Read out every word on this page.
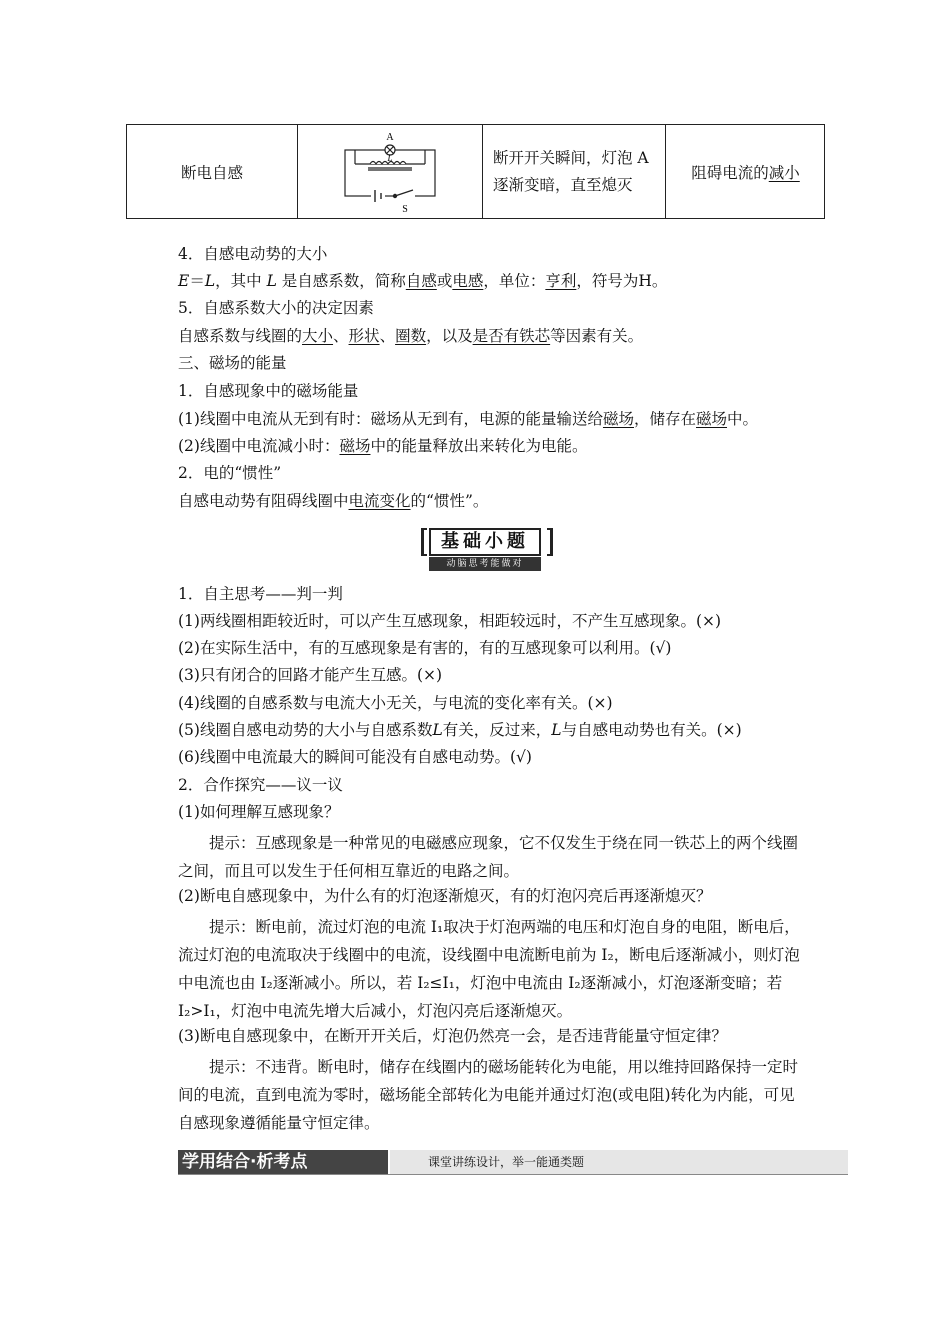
断电自感
A
L
S
断开开关瞬间，灯泡 A
逐渐变暗，直至熄灭
阻碍电流的 减小
4．自感电动势的大小
E＝L，其中 L 是自感系数，简称自感或电感，单位：亨利，符号为H。
5．自感系数大小的决定因素
自感系数与线圈的大小、形状、圈数，以及是否有铁芯等因素有关。
三、磁场的能量
1．自感现象中的磁场能量
(1)线圈中电流从无到有时：磁场从无到有，电源的能量输送给磁场，储存在磁场中。
(2)线圈中电流减小时：磁场中的能量释放出来转化为电能。
2．电的“惯性”
自感电动势有阻碍线圈中电流变化的“惯性”。
基础小题
动脑思考能做对
1．自主思考——判一判
(1)两线圈相距较近时，可以产生互感现象，相距较远时，不产生互感现象。(×)
(2)在实际生活中，有的互感现象是有害的，有的互感现象可以利用。(√)
(3)只有闭合的回路才能产生互感。(×)
(4)线圈的自感系数与电流大小无关，与电流的变化率有关。(×)
(5)线圈自感电动势的大小与自感系数L有关，反过来，L与自感电动势也有关。(×)
(6)线圈中电流最大的瞬间可能没有自感电动势。(√)
2．合作探究——议一议
(1)如何理解互感现象？
提示：互感现象是一种常见的电磁感应现象，它不仅发生于绕在同一铁芯上的两个线圈之间，而且可以发生于任何相互靠近的电路之间。
(2)断电自感现象中，为什么有的灯泡逐渐熄灭，有的灯泡闪亮后再逐渐熄灭？
提示：断电前，流过灯泡的电流 I₁取决于灯泡两端的电压和灯泡自身的电阻，断电后，流过灯泡的电流取决于线圈中的电流，设线圈中电流断电前为 I₂，断电后逐渐减小，则灯泡中电流也由 I₂逐渐减小。所以，若 I₂≤I₁，灯泡中电流由 I₂逐渐减小，灯泡逐渐变暗；若 I₂>I₁，灯泡中电流先增大后减小，灯泡闪亮后逐渐熄灭。
(3)断电自感现象中，在断开开关后，灯泡仍然亮一会，是否违背能量守恒定律？
提示：不违背。断电时，储存在线圈内的磁场能转化为电能，用以维持回路保持一定时间的电流，直到电流为零时，磁场能全部转化为电能并通过灯泡(或电阻)转化为内能，可见自感现象遵循能量守恒定律。
学用结合·析考点	课堂讲练设计，举一能通类题
